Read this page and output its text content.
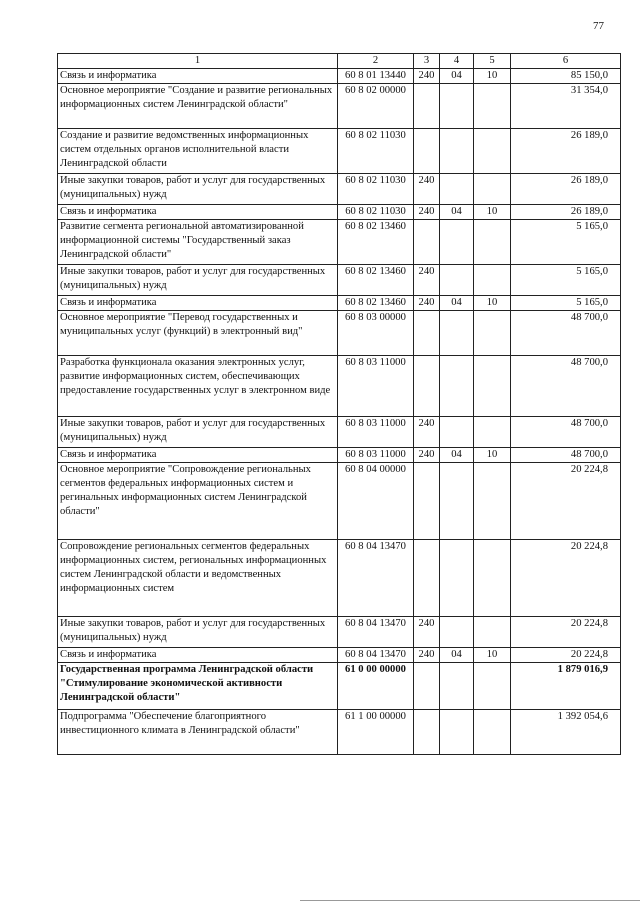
77
1	2	3	4	5	6
Связь и информатика	60 8 01 13440	240	04	10	85 150,0
Основное мероприятие "Создание и развитие региональных информационных систем Ленинградской области"	60 8 02 00000				31 354,0
Создание и развитие ведомственных информационных систем отдельных органов исполнительной власти Ленинградской области	60 8 02 11030				26 189,0
Иные закупки товаров, работ и услуг для государственных (муниципальных) нужд	60 8 02 11030	240			26 189,0
Связь и информатика	60 8 02 11030	240	04	10	26 189,0
Развитие сегмента региональной автоматизированной информационной системы "Государственный заказ Ленинградской области"	60 8 02 13460				5 165,0
Иные закупки товаров, работ и услуг для государственных (муниципальных) нужд	60 8 02 13460	240			5 165,0
Связь и информатика	60 8 02 13460	240	04	10	5 165,0
Основное мероприятие "Перевод государственных и муниципальных услуг (функций) в электронный вид"	60 8 03 00000				48 700,0
Разработка функционала оказания электронных услуг, развитие информационных систем, обеспечивающих предоставление государственных услуг в электронном виде	60 8 03 11000				48 700,0
Иные закупки товаров, работ и услуг для государственных (муниципальных) нужд	60 8 03 11000	240			48 700,0
Связь и информатика	60 8 03 11000	240	04	10	48 700,0
Основное мероприятие "Сопровождение региональных сегментов федеральных информационных систем и регинальных информационных систем Ленинградской области"	60 8 04 00000				20 224,8
Сопровождение региональных сегментов федеральных информационных систем, региональных информационных систем Ленинградской области и ведомственных информационных систем	60 8 04 13470				20 224,8
Иные закупки товаров, работ и услуг для государственных (муниципальных) нужд	60 8 04 13470	240			20 224,8
Связь и информатика	60 8 04 13470	240	04	10	20 224,8
Государственная программа Ленинградской области "Стимулирование экономической активности Ленинградской области"	61 0 00 00000				1 879 016,9
Подпрограмма "Обеспечение благоприятного инвестиционного климата в Ленинградской области"	61 1 00 00000				1 392 054,6
